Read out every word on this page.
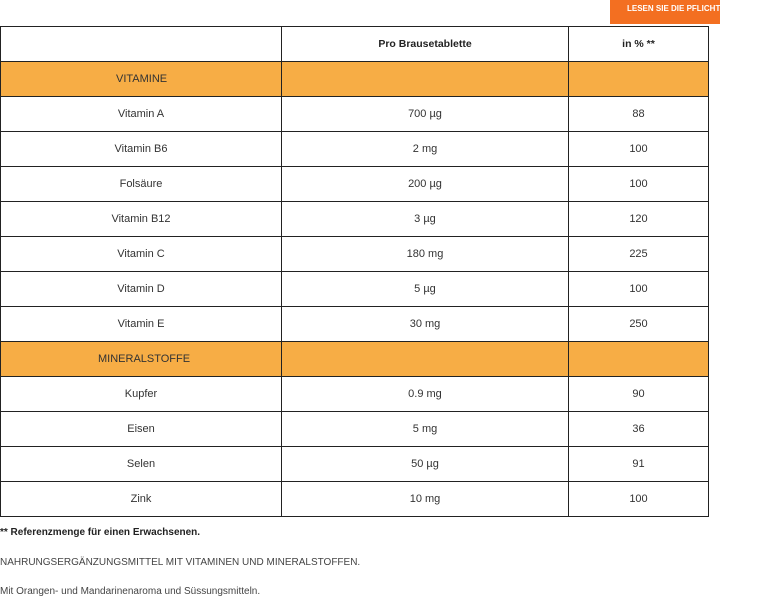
LESEN SIE DIE PFLICHTANGABEN
	Pro Brausetablette	in % **
VITAMINE		
Vitamin A	700 µg	88
Vitamin B6	2 mg	100
Folsäure	200 µg	100
Vitamin B12	3 µg	120
Vitamin C	180 mg	225
Vitamin D	5 µg	100
Vitamin E	30 mg	250
MINERALSTOFFE		
Kupfer	0.9 mg	90
Eisen	5 mg	36
Selen	50 µg	91
Zink	10 mg	100
** Referenzmenge für einen Erwachsenen.
NAHRUNGSERGÄNZUNGSMITTEL MIT VITAMINEN UND MINERALSTOFFEN.
Mit Orangen- und Mandarinenaroma und Süssungsmitteln.
